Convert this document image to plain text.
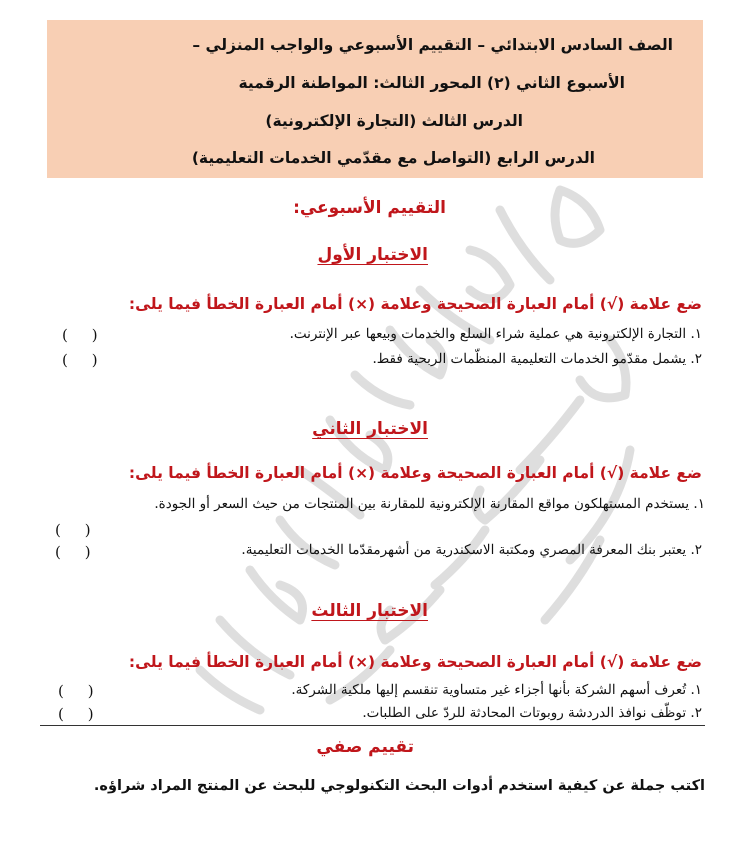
الصف السادس الابتدائي – التقييم الأسبوعي والواجب المنزلي –
الأسبوع الثاني (٢) المحور الثالث: المواطنة الرقمية
الدرس الثالث (التجارة الإلكترونية)
الدرس الرابع (التواصل مع مقدّمي الخدمات التعليمية)
التقييم الأسبوعي:
الاختبار الأول
ضع علامة (√) أمام العبارة الصحيحة وعلامة (×) أمام العبارة الخطأ فيما يلى:
١. التجارة الإلكترونية هي عملية شراء السلع والخدمات وبيعها عبر الإنترنت.
(     )
٢. يشمل مقدّمو الخدمات التعليمية المنظّمات الربحية فقط.
(     )
الاختبار الثاني
ضع علامة (√) أمام العبارة الصحيحة وعلامة (×) أمام العبارة الخطأ فيما يلى:
١. يستخدم المستهلكون مواقع المقارنة الإلكترونية للمقارنة بين المنتجات من حيث السعر أو الجودة.
(     )
٢. يعتبر بنك المعرفة المصري ومكتبة الاسكندرية من أشهرمقدّما الخدمات التعليمية.
(     )
الاختبار الثالث
ضع علامة (√) أمام العبارة الصحيحة وعلامة (×) أمام العبارة الخطأ فيما يلى:
١. تُعرف أسهم الشركة بأنها أجزاء غير متساوية تنقسم إليها ملكية الشركة.
(     )
٢. توظّف نوافذ الدردشة روبوتات المحادثة للردّ على الطلبات.
(     )
تقييم صفي
اكتب جملة عن كيفية استخدم أدوات البحث التكنولوجي للبحث عن المنتج المراد شراؤه.
